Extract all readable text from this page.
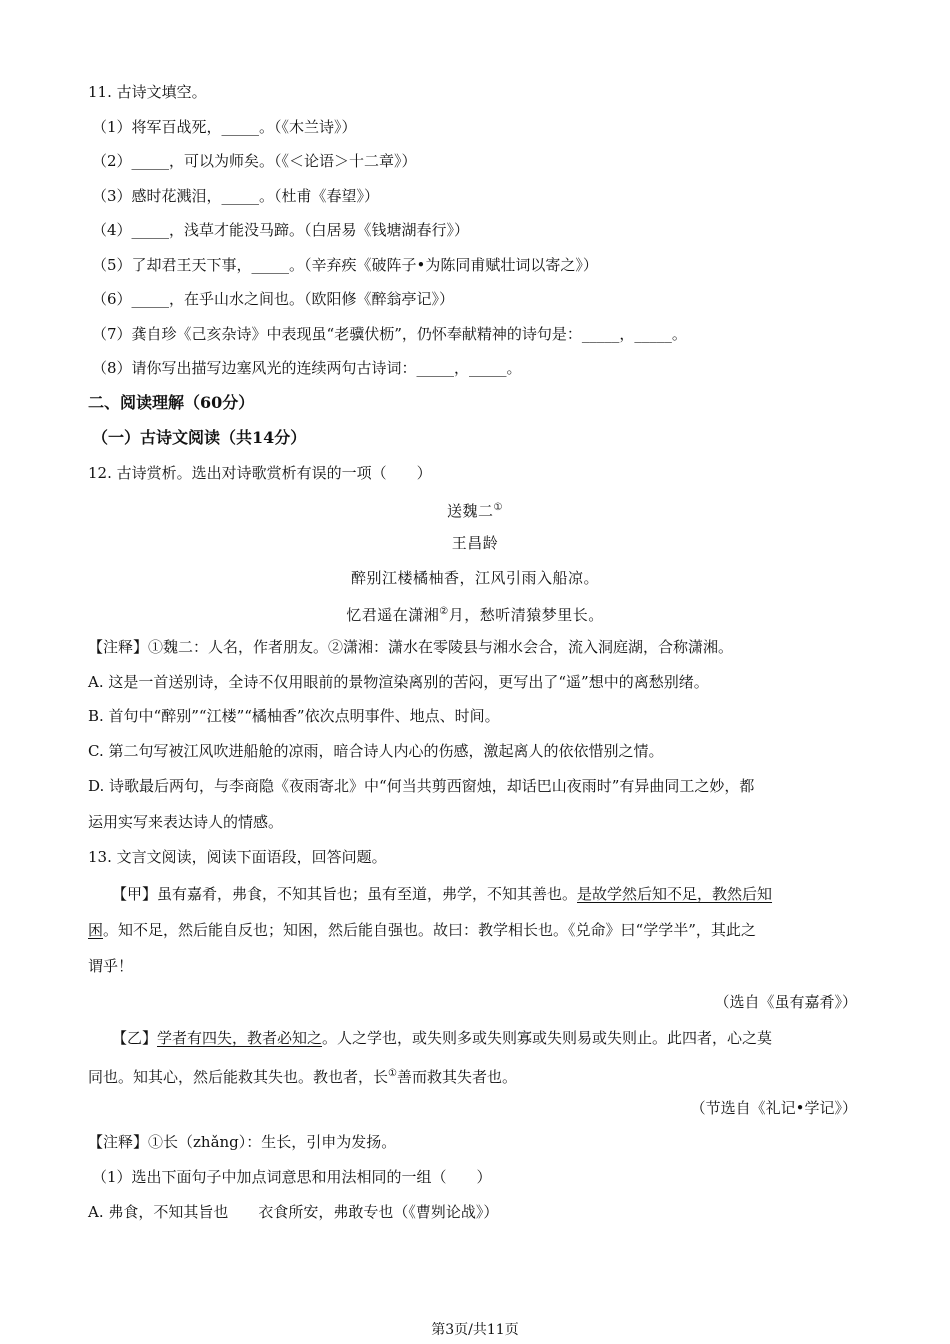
11. 古诗文填空。
（1）将军百战死，_____。（《木兰诗》）
（2）_____，可以为师矣。（《＜论语＞十二章》）
（3）感时花溅泪，_____。（杜甫《春望》）
（4）_____，浅草才能没马蹄。（白居易《钱塘湖春行》）
（5）了却君王天下事，_____。（辛弃疾《破阵子•为陈同甫赋壮词以寄之》）
（6）_____，在乎山水之间也。（欧阳修《醉翁亭记》）
（7）龚自珍《己亥杂诗》中表现虽“老骥伏枥”，仍怀奉献精神的诗句是：_____，_____。
（8）请你写出描写边塞风光的连续两句古诗词：_____，_____。
二、阅读理解（60分）
（一）古诗文阅读（共14分）
12. 古诗赏析。选出对诗歌赏析有误的一项（　　）
送魏二①
王昌龄
醉别江楼橘柚香，江风引雨入船凉。
忆君遥在潇湘②月，愁听清猿梦里长。
【注释】①魏二：人名，作者朋友。②潇湘：潇水在零陵县与湘水会合，流入洞庭湖，合称潇湘。
A. 这是一首送别诗，全诗不仅用眼前的景物渲染离别的苦闷，更写出了“遥”想中的离愁别绪。
B. 首句中“醉别”“江楼”“橘柚香”依次点明事件、地点、时间。
C. 第二句写被江风吹进船舱的凉雨，暗合诗人内心的伤感，激起离人的依依惜别之情。
D. 诗歌最后两句，与李商隐《夜雨寄北》中“何当共剪西窗烛，却话巴山夜雨时”有异曲同工之妙，都
运用实写来表达诗人的情感。
13. 文言文阅读，阅读下面语段，回答问题。
【甲】虽有嘉肴，弗食，不知其旨也；虽有至道，弗学，不知其善也。是故学然后知不足，教然后知
困。知不足，然后能自反也；知困，然后能自强也。故曰：教学相长也。《兑命》曰“学学半”，其此之
谓乎！
（选自《虽有嘉肴》）
【乙】学者有四失，教者必知之。人之学也，或失则多或失则寡或失则易或失则止。此四者，心之莫
同也。知其心，然后能救其失也。教也者，长①善而救其失者也。
（节选自《礼记•学记》）
【注释】①长（zhǎng）：生长，引申为发扬。
（1）选出下面句子中加点词意思和用法相同的一组（　　）
A. 弗食，不知其旨也　　衣食所安，弗敢专也（《曹刿论战》）
第3页/共11页
